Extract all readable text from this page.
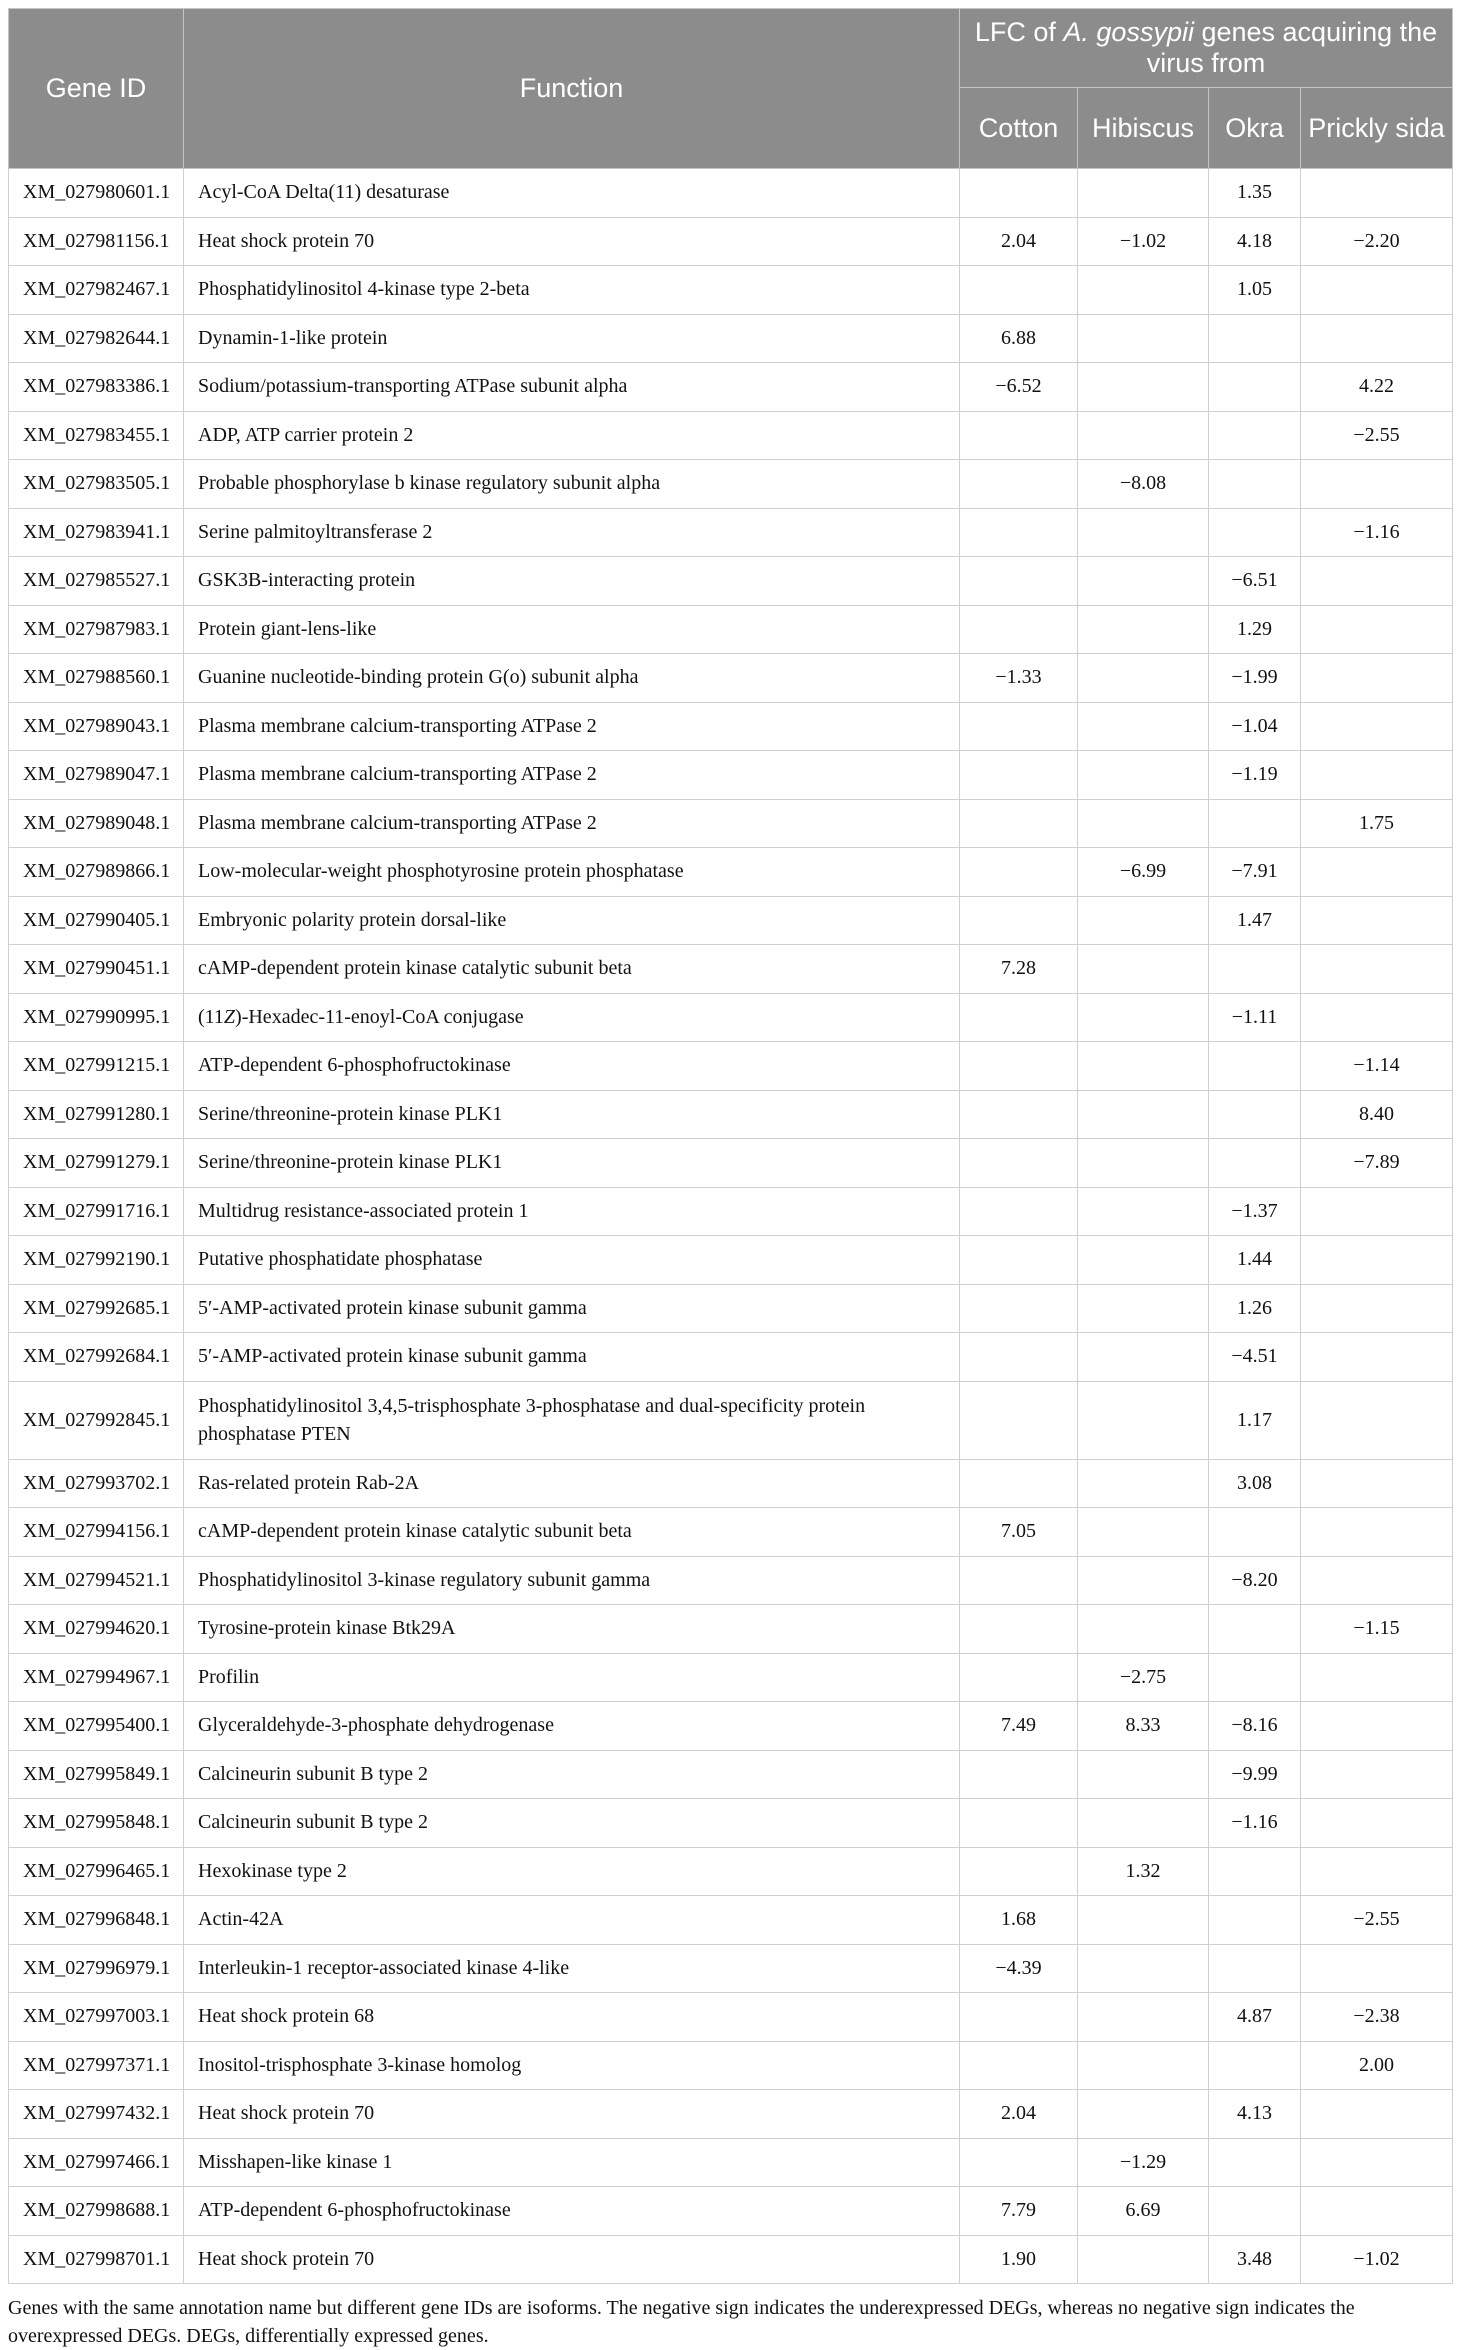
Gene ID	Function	LFC of A. gossypii genes acquiring the virus from			
		Cotton	Hibiscus	Okra	Prickly sida
XM_027980601.1	Acyl-CoA Delta(11) desaturase			1.35	
XM_027981156.1	Heat shock protein 70	2.04	−1.02	4.18	−2.20
XM_027982467.1	Phosphatidylinositol 4-kinase type 2-beta			1.05	
XM_027982644.1	Dynamin-1-like protein	6.88			
XM_027983386.1	Sodium/potassium-transporting ATPase subunit alpha	−6.52			4.22
XM_027983455.1	ADP, ATP carrier protein 2				−2.55
XM_027983505.1	Probable phosphorylase b kinase regulatory subunit alpha		−8.08		
XM_027983941.1	Serine palmitoyltransferase 2				−1.16
XM_027985527.1	GSK3B-interacting protein			−6.51	
XM_027987983.1	Protein giant-lens-like			1.29	
XM_027988560.1	Guanine nucleotide-binding protein G(o) subunit alpha	−1.33		−1.99	
XM_027989043.1	Plasma membrane calcium-transporting ATPase 2			−1.04	
XM_027989047.1	Plasma membrane calcium-transporting ATPase 2			−1.19	
XM_027989048.1	Plasma membrane calcium-transporting ATPase 2				1.75
XM_027989866.1	Low-molecular-weight phosphotyrosine protein phosphatase		−6.99	−7.91	
XM_027990405.1	Embryonic polarity protein dorsal-like			1.47	
XM_027990451.1	cAMP-dependent protein kinase catalytic subunit beta	7.28			
XM_027990995.1	(11Z)-Hexadec-11-enoyl-CoA conjugase			−1.11	
XM_027991215.1	ATP-dependent 6-phosphofructokinase				−1.14
XM_027991280.1	Serine/threonine-protein kinase PLK1				8.40
XM_027991279.1	Serine/threonine-protein kinase PLK1				−7.89
XM_027991716.1	Multidrug resistance-associated protein 1			−1.37	
XM_027992190.1	Putative phosphatidate phosphatase			1.44	
XM_027992685.1	5′-AMP-activated protein kinase subunit gamma			1.26	
XM_027992684.1	5′-AMP-activated protein kinase subunit gamma			−4.51	
XM_027992845.1	Phosphatidylinositol 3,4,5-trisphosphate 3-phosphatase and dual-specificity protein phosphatase PTEN			1.17	
XM_027993702.1	Ras-related protein Rab-2A			3.08	
XM_027994156.1	cAMP-dependent protein kinase catalytic subunit beta	7.05			
XM_027994521.1	Phosphatidylinositol 3-kinase regulatory subunit gamma			−8.20	
XM_027994620.1	Tyrosine-protein kinase Btk29A				−1.15
XM_027994967.1	Profilin		−2.75		
XM_027995400.1	Glyceraldehyde-3-phosphate dehydrogenase	7.49	8.33	−8.16	
XM_027995849.1	Calcineurin subunit B type 2			−9.99	
XM_027995848.1	Calcineurin subunit B type 2			−1.16	
XM_027996465.1	Hexokinase type 2		1.32		
XM_027996848.1	Actin-42A	1.68			−2.55
XM_027996979.1	Interleukin-1 receptor-associated kinase 4-like	−4.39			
XM_027997003.1	Heat shock protein 68			4.87	−2.38
XM_027997371.1	Inositol-trisphosphate 3-kinase homolog				2.00
XM_027997432.1	Heat shock protein 70	2.04		4.13	
XM_027997466.1	Misshapen-like kinase 1		−1.29		
XM_027998688.1	ATP-dependent 6-phosphofructokinase	7.79	6.69		
XM_027998701.1	Heat shock protein 70	1.90		3.48	−1.02
Genes with the same annotation name but different gene IDs are isoforms. The negative sign indicates the underexpressed DEGs, whereas no negative sign indicates the overexpressed DEGs. DEGs, differentially expressed genes.
